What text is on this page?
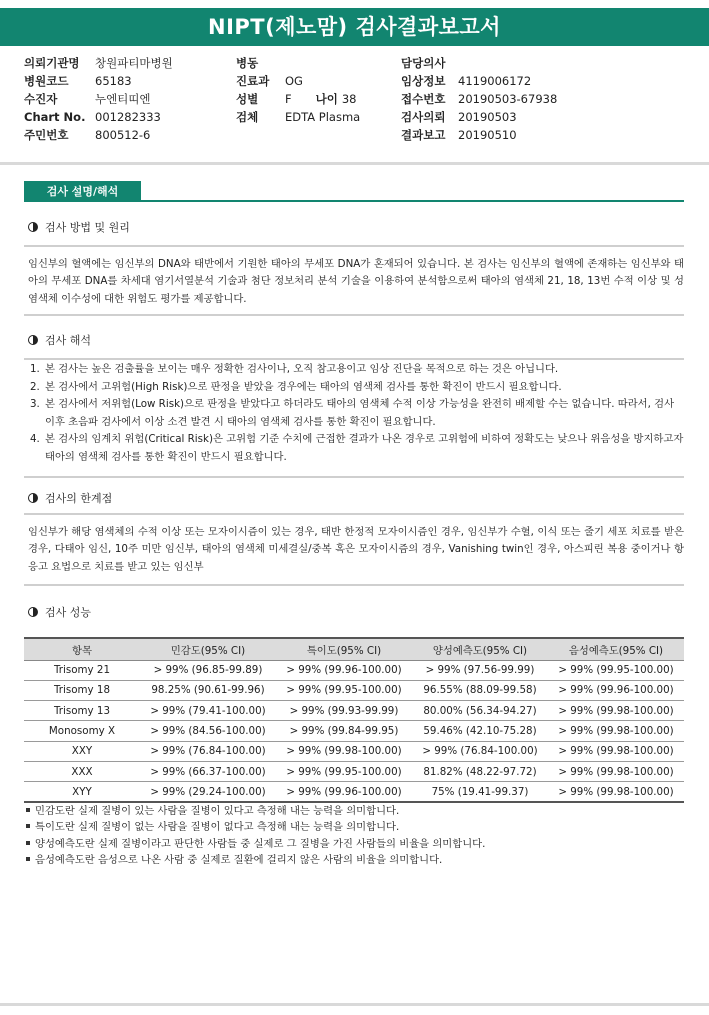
NIPT(제노맘) 검사결과보고서
의뢰기관명 창원파티마병원
병원코드 65183
수진자	누엔티띠엔
Chart No. 001282333
주민번호 800512-6
병동
진료과 OG
성별 F 나이 38
검체 EDTA Plasma
담당의사
임상정보 4119006172
접수번호 20190503-67938
검사의뢰 20190503
결과보고 20190510
검사 설명/해석
검사 방법 및 원리
임신부의 혈액에는 임신부의 DNA와 태반에서 기원한 태아의 무세포 DNA가 혼재되어 있습니다. 본 검사는 임신부의 혈액에 존재하는 임신부와 태아의 무세포 DNA를 차세대 염기서열분석 기술과 첨단 정보처리 분석 기술을 이용하여 분석함으로써 태아의 염색체 21, 18, 13번 수적 이상 및 성염색체 이수성에 대한 위험도 평가를 제공합니다.
검사 해석
1. 본 검사는 높은 검출률을 보이는 매우 정확한 검사이나, 오직 참고용이고 임상 진단을 목적으로 하는 것은 아닙니다.
2. 본 검사에서 고위험(High Risk)으로 판정을 받았을 경우에는 태아의 염색체 검사를 통한 확진이 반드시 필요합니다.
3. 본 검사에서 저위험(Low Risk)으로 판정을 받았다고 하더라도 태아의 염색체 수적 이상 가능성을 완전히 배제할 수는 없습니다. 따라서, 검사 이후 초음파 검사에서 이상 소견 발견 시 태아의 염색체 검사를 통한 확진이 필요합니다.
4. 본 검사의 임계치 위험(Critical Risk)은 고위험 기준 수치에 근접한 결과가 나온 경우로 고위험에 비하여 정확도는 낮으나 위음성을 방지하고자 태아의 염색체 검사를 통한 확진이 반드시 필요합니다.
검사의 한계점
임신부가 해당 염색체의 수적 이상 또는 모자이시즘이 있는 경우, 태반 한정적 모자이시즘인 경우, 임신부가 수혈, 이식 또는 줄기 세포 치료를 받은 경우, 다태아 임신, 10주 미만 임신부, 태아의 염색체 미세결실/중복 혹은 모자이시즘의 경우, Vanishing twin인 경우, 아스피린 복용 중이거나 항 응고 요법으로 치료를 받고 있는 임신부
검사 성능
항목	민감도(95% CI)	특이도(95% CI)	양성예측도(95% CI)	음성예측도(95% CI)
Trisomy 21	> 99% (96.85-99.89)	> 99% (99.96-100.00)	> 99% (97.56-99.99)	> 99% (99.95-100.00)
Trisomy 18	98.25% (90.61-99.96)	> 99% (99.95-100.00)	96.55% (88.09-99.58)	> 99% (99.96-100.00)
Trisomy 13	> 99% (79.41-100.00)	> 99% (99.93-99.99)	80.00% (56.34-94.27)	> 99% (99.98-100.00)
Monosomy X	> 99% (84.56-100.00)	> 99% (99.84-99.95)	59.46% (42.10-75.28)	> 99% (99.98-100.00)
XXY	> 99% (76.84-100.00)	> 99% (99.98-100.00)	> 99% (76.84-100.00)	> 99% (99.98-100.00)
XXX	> 99% (66.37-100.00)	> 99% (99.95-100.00)	81.82% (48.22-97.72)	> 99% (99.98-100.00)
XYY	> 99% (29.24-100.00)	> 99% (99.96-100.00)	75% (19.41-99.37)	> 99% (99.98-100.00)
민감도란 실제 질병이 있는 사람을 질병이 있다고 측정해 내는 능력을 의미합니다.
특이도란 실제 질병이 없는 사람을 질병이 없다고 측정해 내는 능력을 의미합니다.
양성예측도란 실제 질병이라고 판단한 사람들 중 실제로 그 질병을 가진 사람들의 비율을 의미합니다.
음성예측도란 음성으로 나온 사람 중 실제로 질환에 걸리지 않은 사람의 비율을 의미합니다.
